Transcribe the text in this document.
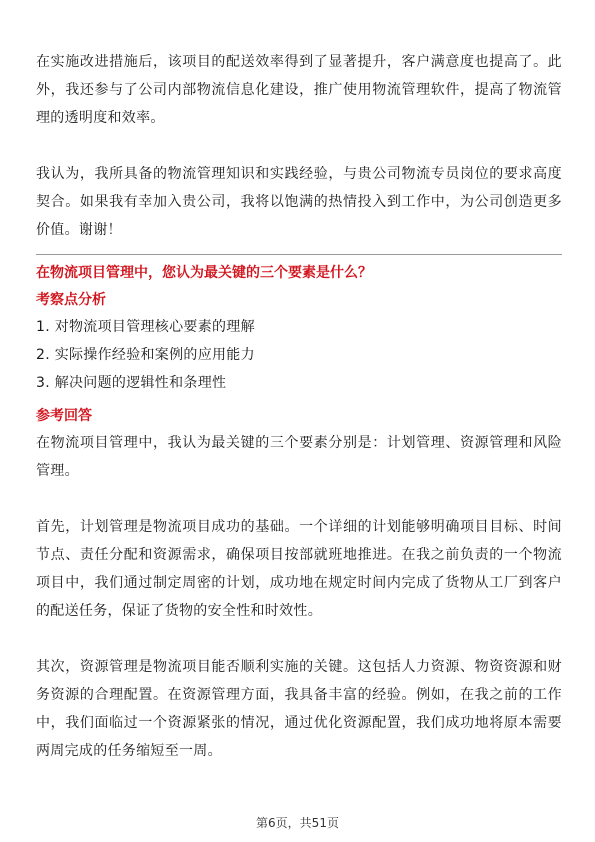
在实施改进措施后，该项目的配送效率得到了显著提升，客户满意度也提高了。此外，我还参与了公司内部物流信息化建设，推广使用物流管理软件，提高了物流管理的透明度和效率。

我认为，我所具备的物流管理知识和实践经验，与贵公司物流专员岗位的要求高度契合。如果我有幸加入贵公司，我将以饱满的热情投入到工作中，为公司创造更多价值。谢谢！

在物流项目管理中，您认为最关键的三个要素是什么？

考察点分析

1. 对物流项目管理核心要素的理解

2. 实际操作经验和案例的应用能力

3. 解决问题的逻辑性和条理性

参考回答

在物流项目管理中，我认为最关键的三个要素分别是：计划管理、资源管理和风险管理。

首先，计划管理是物流项目成功的基础。一个详细的计划能够明确项目目标、时间节点、责任分配和资源需求，确保项目按部就班地推进。在我之前负责的一个物流项目中，我们通过制定周密的计划，成功地在规定时间内完成了货物从工厂到客户的配送任务，保证了货物的安全性和时效性。

其次，资源管理是物流项目能否顺利实施的关键。这包括人力资源、物资资源和财务资源的合理配置。在资源管理方面，我具备丰富的经验。例如，在我之前的工作中，我们面临过一个资源紧张的情况，通过优化资源配置，我们成功地将原本需要两周完成的任务缩短至一周。

第6页，共51页
